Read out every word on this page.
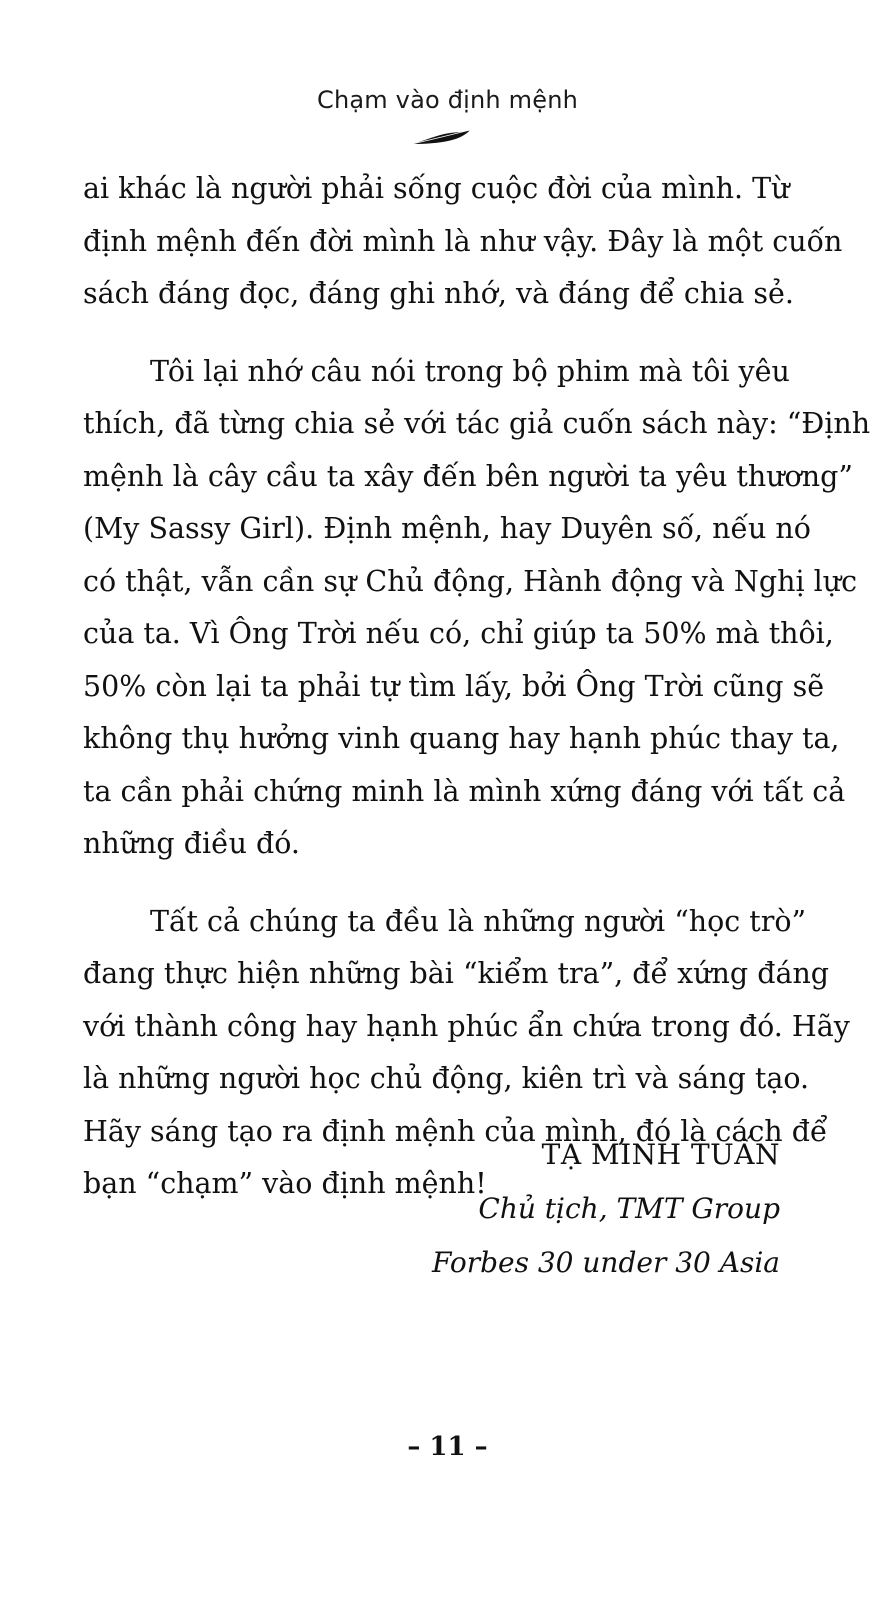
Chạm vào định mệnh
ai khác là người phải sống cuộc đời của mình. Từ
định mệnh đến đời mình là như vậy. Đây là một cuốn
sách đáng đọc, đáng ghi nhớ, và đáng để chia sẻ.
Tôi lại nhớ câu nói trong bộ phim mà tôi yêu
thích, đã từng chia sẻ với tác giả cuốn sách này: “Định
mệnh là cây cầu ta xây đến bên người ta yêu thương”
(My Sassy Girl). Định mệnh, hay Duyên số, nếu nó
có thật, vẫn cần sự Chủ động, Hành động và Nghị lực
của ta. Vì Ông Trời nếu có, chỉ giúp ta 50% mà thôi,
50% còn lại ta phải tự tìm lấy, bởi Ông Trời cũng sẽ
không thụ hưởng vinh quang hay hạnh phúc thay ta,
ta cần phải chứng minh là mình xứng đáng với tất cả
những điều đó.
Tất cả chúng ta đều là những người “học trò”
đang thực hiện những bài “kiểm tra”, để xứng đáng
với thành công hay hạnh phúc ẩn chứa trong đó. Hãy
là những người học chủ động, kiên trì và sáng tạo.
Hãy sáng tạo ra định mệnh của mình, đó là cách để
bạn “chạm” vào định mệnh!
TẠ MINH TUẤN
Chủ tịch, TMT Group
Forbes 30 under 30 Asia
– 11 –
